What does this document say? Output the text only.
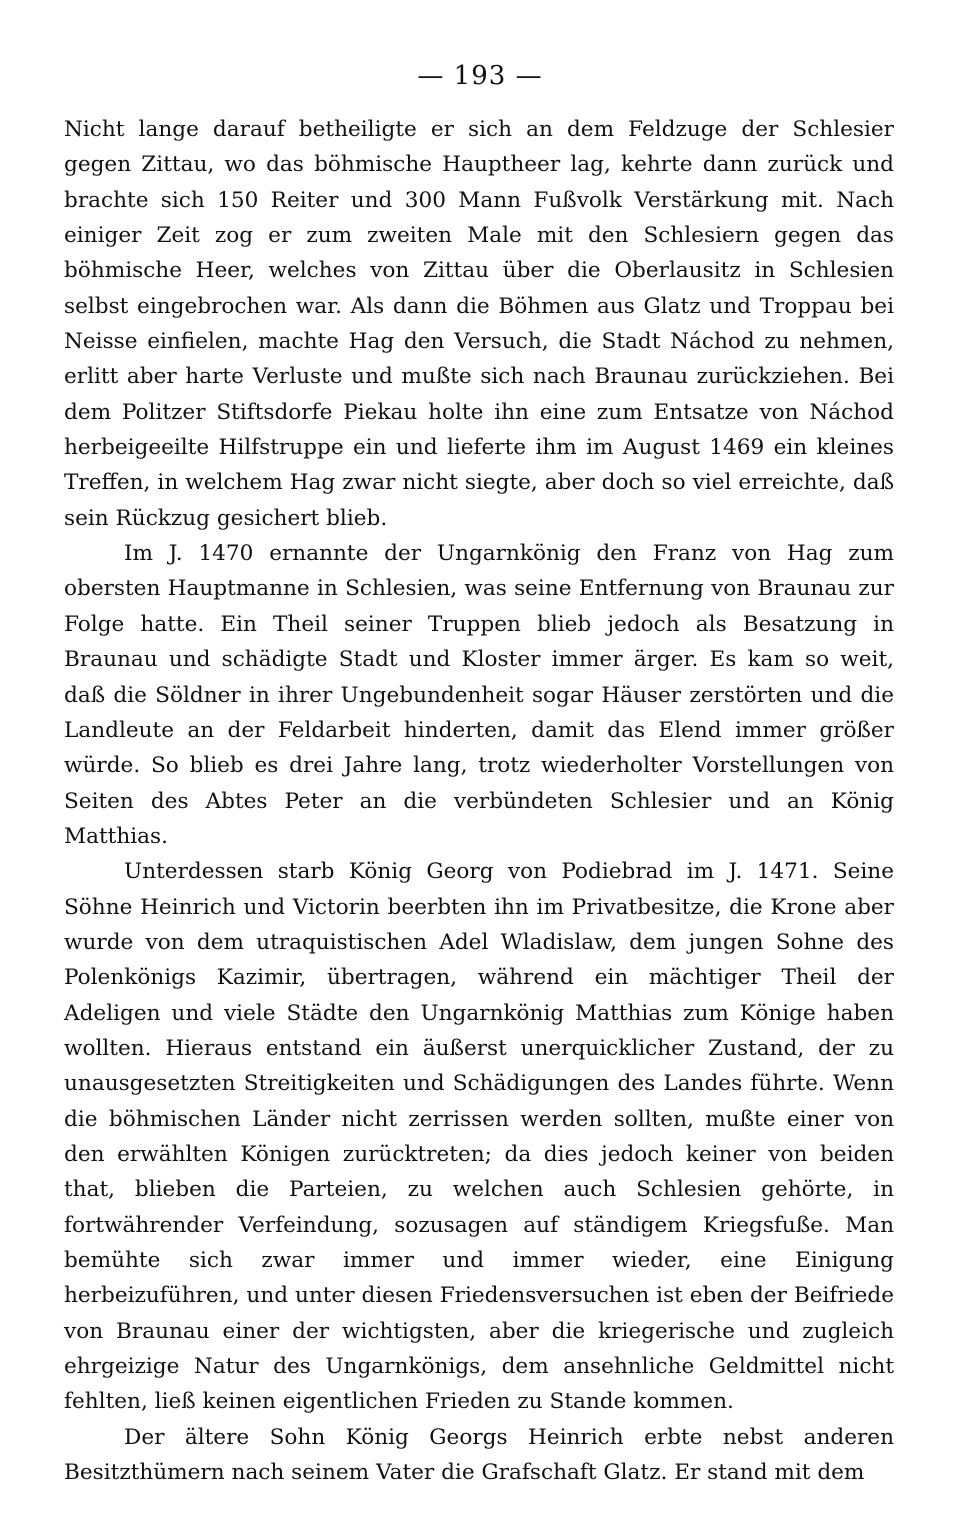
— 193 —

Nicht lange darauf betheiligte er sich an dem Feldzuge der Schlesier gegen Zittau, wo das böhmische Hauptheer lag, kehrte dann zurück und brachte sich 150 Reiter und 300 Mann Fußvolk Verstärkung mit. Nach einiger Zeit zog er zum zweiten Male mit den Schlesiern gegen das böhmische Heer, welches von Zittau über die Oberlausitz in Schlesien selbst eingebrochen war. Als dann die Böhmen aus Glatz und Troppau bei Neisse einfielen, machte Hag den Versuch, die Stadt Náchod zu nehmen, erlitt aber harte Verluste und mußte sich nach Braunau zurückziehen. Bei dem Politzer Stiftsdorfe Piekau holte ihn eine zum Entsatze von Náchod herbeigeeilte Hilfstruppe ein und lieferte ihm im August 1469 ein kleines Treffen, in welchem Hag zwar nicht siegte, aber doch so viel erreichte, daß sein Rückzug gesichert blieb.

Im J. 1470 ernannte der Ungarnkönig den Franz von Hag zum obersten Hauptmanne in Schlesien, was seine Entfernung von Braunau zur Folge hatte. Ein Theil seiner Truppen blieb jedoch als Besatzung in Braunau und schädigte Stadt und Kloster immer ärger. Es kam so weit, daß die Söldner in ihrer Ungebundenheit sogar Häuser zerstörten und die Landleute an der Feldarbeit hinderten, damit das Elend immer größer würde. So blieb es drei Jahre lang, trotz wiederholter Vorstellungen von Seiten des Abtes Peter an die verbündeten Schlesier und an König Matthias.

Unterdessen starb König Georg von Podiebrad im J. 1471. Seine Söhne Heinrich und Victorin beerbten ihn im Privatbesitze, die Krone aber wurde von dem utraquistischen Adel Wladislaw, dem jungen Sohne des Polenkönigs Kazimir, übertragen, während ein mächtiger Theil der Adeligen und viele Städte den Ungarnkönig Matthias zum Könige haben wollten. Hieraus entstand ein äußerst unerquicklicher Zustand, der zu unausgesetzten Streitigkeiten und Schädigungen des Landes führte. Wenn die böhmischen Länder nicht zerrissen werden sollten, mußte einer von den erwählten Königen zurücktreten; da dies jedoch keiner von beiden that, blieben die Parteien, zu welchen auch Schlesien gehörte, in fortwährender Verfeindung, sozusagen auf ständigem Kriegsfuße. Man bemühte sich zwar immer und immer wieder, eine Einigung herbeizuführen, und unter diesen Friedensversuchen ist eben der Beifriede von Braunau einer der wichtigsten, aber die kriegerische und zugleich ehrgeizige Natur des Ungarnkönigs, dem ansehnliche Geldmittel nicht fehlten, ließ keinen eigentlichen Frieden zu Stande kommen.

Der ältere Sohn König Georgs Heinrich erbte nebst anderen Besitzthümern nach seinem Vater die Grafschaft Glatz. Er stand mit dem
